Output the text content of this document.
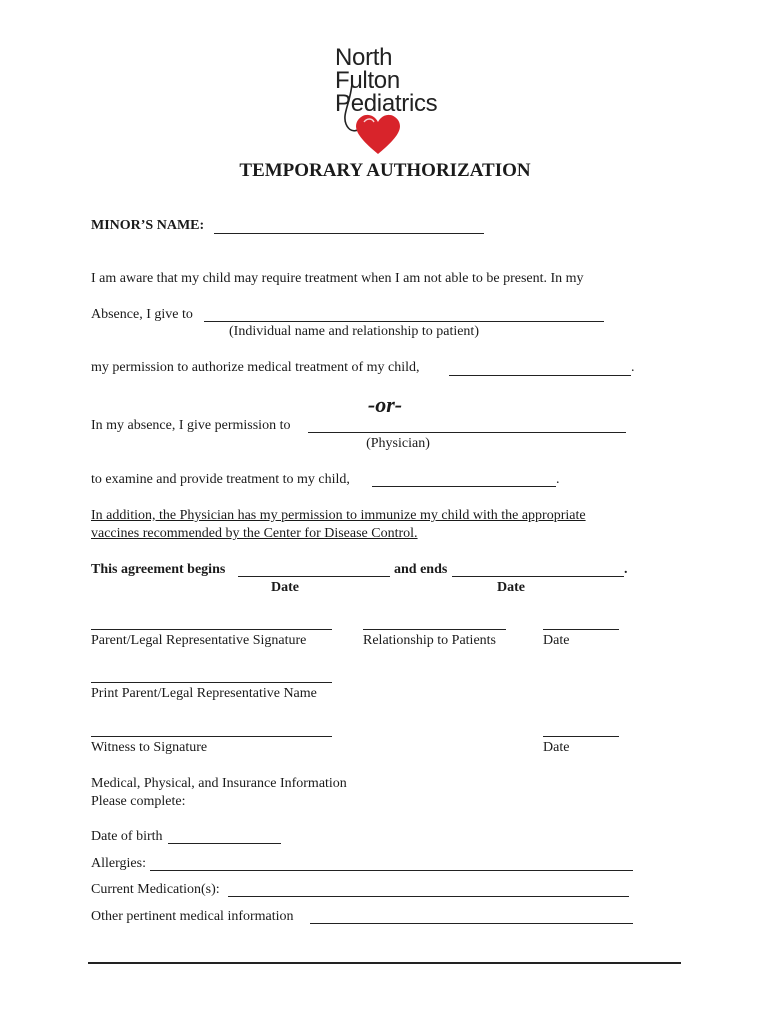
North
Fulton
Pediatrics
TEMPORARY AUTHORIZATION
MINOR’S NAME:
I am aware that my child may require treatment when I am not able to be present. In my
Absence, I give to
(Individual name and relationship to patient)
my permission to authorize medical treatment of my child,	.
-or-
In my absence, I give permission to
(Physician)
to examine and provide treatment to my child,	.
In addition, the Physician has my permission to immunize my child with the appropriate
vaccines recommended by the Center for Disease Control.
This agreement begins	and ends	.
Date	Date
Parent/Legal Representative Signature	Relationship to Patients	Date
Print Parent/Legal Representative Name
Witness to Signature	Date
Medical, Physical, and Insurance Information
Please complete:
Date of birth
Allergies:
Current Medication(s):
Other pertinent medical information
